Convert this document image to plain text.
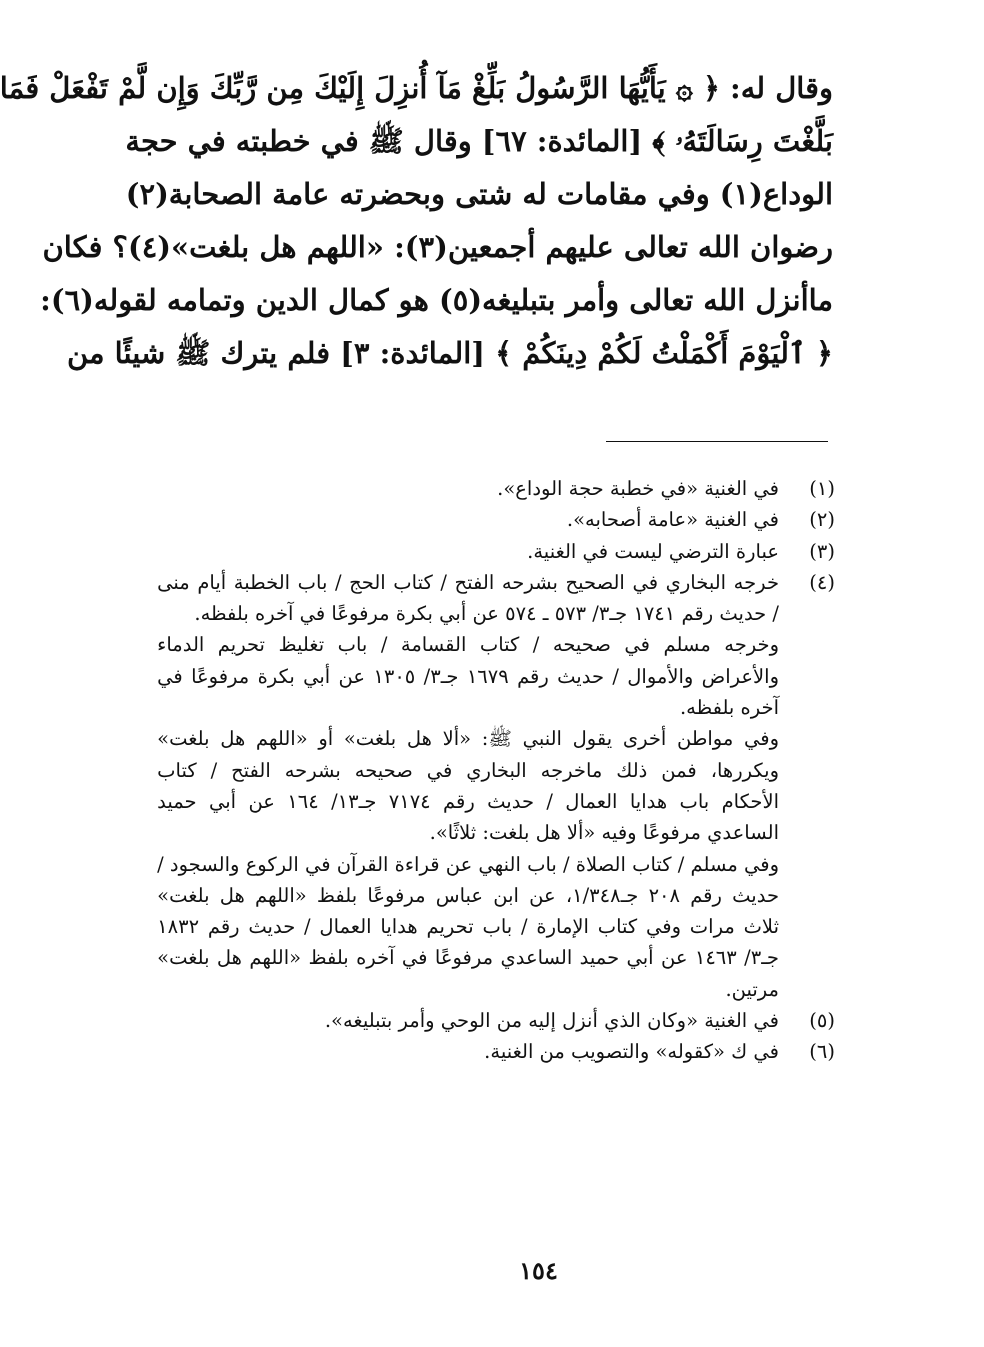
وقال له: ﴿ ۞ يَأَيُّهَا الرَّسُولُ بَلِّغْ مَآ أُنزِلَ إِلَيْكَ مِن رَّبِّكَ وَإِن لَّمْ تَفْعَلْ فَمَا
بَلَّغْتَ رِسَالَتَهُۥ ﴾ [المائدة: ٦٧] وقال ﷺ في خطبته في حجة
الوداع(١) وفي مقامات له شتى وبحضرته عامة الصحابة(٢)
رضوان الله تعالى عليهم أجمعين(٣): «اللهم هل بلغت»(٤)؟ فكان
ماأنزل الله تعالى وأمر بتبليغه(٥) هو كمال الدين وتمامه لقوله(٦):
﴿ ٱلْيَوْمَ أَكْمَلْتُ لَكُمْ دِينَكُمْ ﴾ [المائدة: ٣] فلم يترك ﷺ شيئًا من
(١)
في الغنية «في خطبة حجة الوداع».
(٢)
في الغنية «عامة أصحابه».
(٣)
عبارة الترضي ليست في الغنية.
(٤)
خرجه البخاري في الصحيح بشرحه الفتح / كتاب الحج / باب الخطبة أيام منى
/ حديث رقم ١٧٤١ جـ٣/ ٥٧٣ ـ ٥٧٤ عن أبي بكرة مرفوعًا في آخره بلفظه.
وخرجه مسلم في صحيحه / كتاب القسامة / باب تغليظ تحريم الدماء
والأعراض والأموال / حديث رقم ١٦٧٩ جـ٣/ ١٣٠٥ عن أبي بكرة مرفوعًا في
آخره بلفظه.
وفي مواطن أخرى يقول النبي ﷺ: «ألا هل بلغت» أو «اللهم هل بلغت»
ويكررها، فمن ذلك ماخرجه البخاري في صحيحه بشرحه الفتح / كتاب
الأحكام باب هدايا العمال / حديث رقم ٧١٧٤ جـ١٣/ ١٦٤ عن أبي حميد
الساعدي مرفوعًا وفيه «ألا هل بلغت: ثلاثًا».
وفي مسلم / كتاب الصلاة / باب النهي عن قراءة القرآن في الركوع والسجود /
حديث رقم ٢٠٨ جـ١/٣٤٨، عن ابن عباس مرفوعًا بلفظ «اللهم هل بلغت»
ثلاث مرات وفي كتاب الإمارة / باب تحريم هدايا العمال / حديث رقم ١٨٣٢
جـ٣/ ١٤٦٣ عن أبي حميد الساعدي مرفوعًا في آخره بلفظ «اللهم هل بلغت»
مرتين.
(٥)
في الغنية «وكان الذي أنزل إليه من الوحي وأمر بتبليغه».
(٦)
في ك «كقوله» والتصويب من الغنية.
١٥٤
